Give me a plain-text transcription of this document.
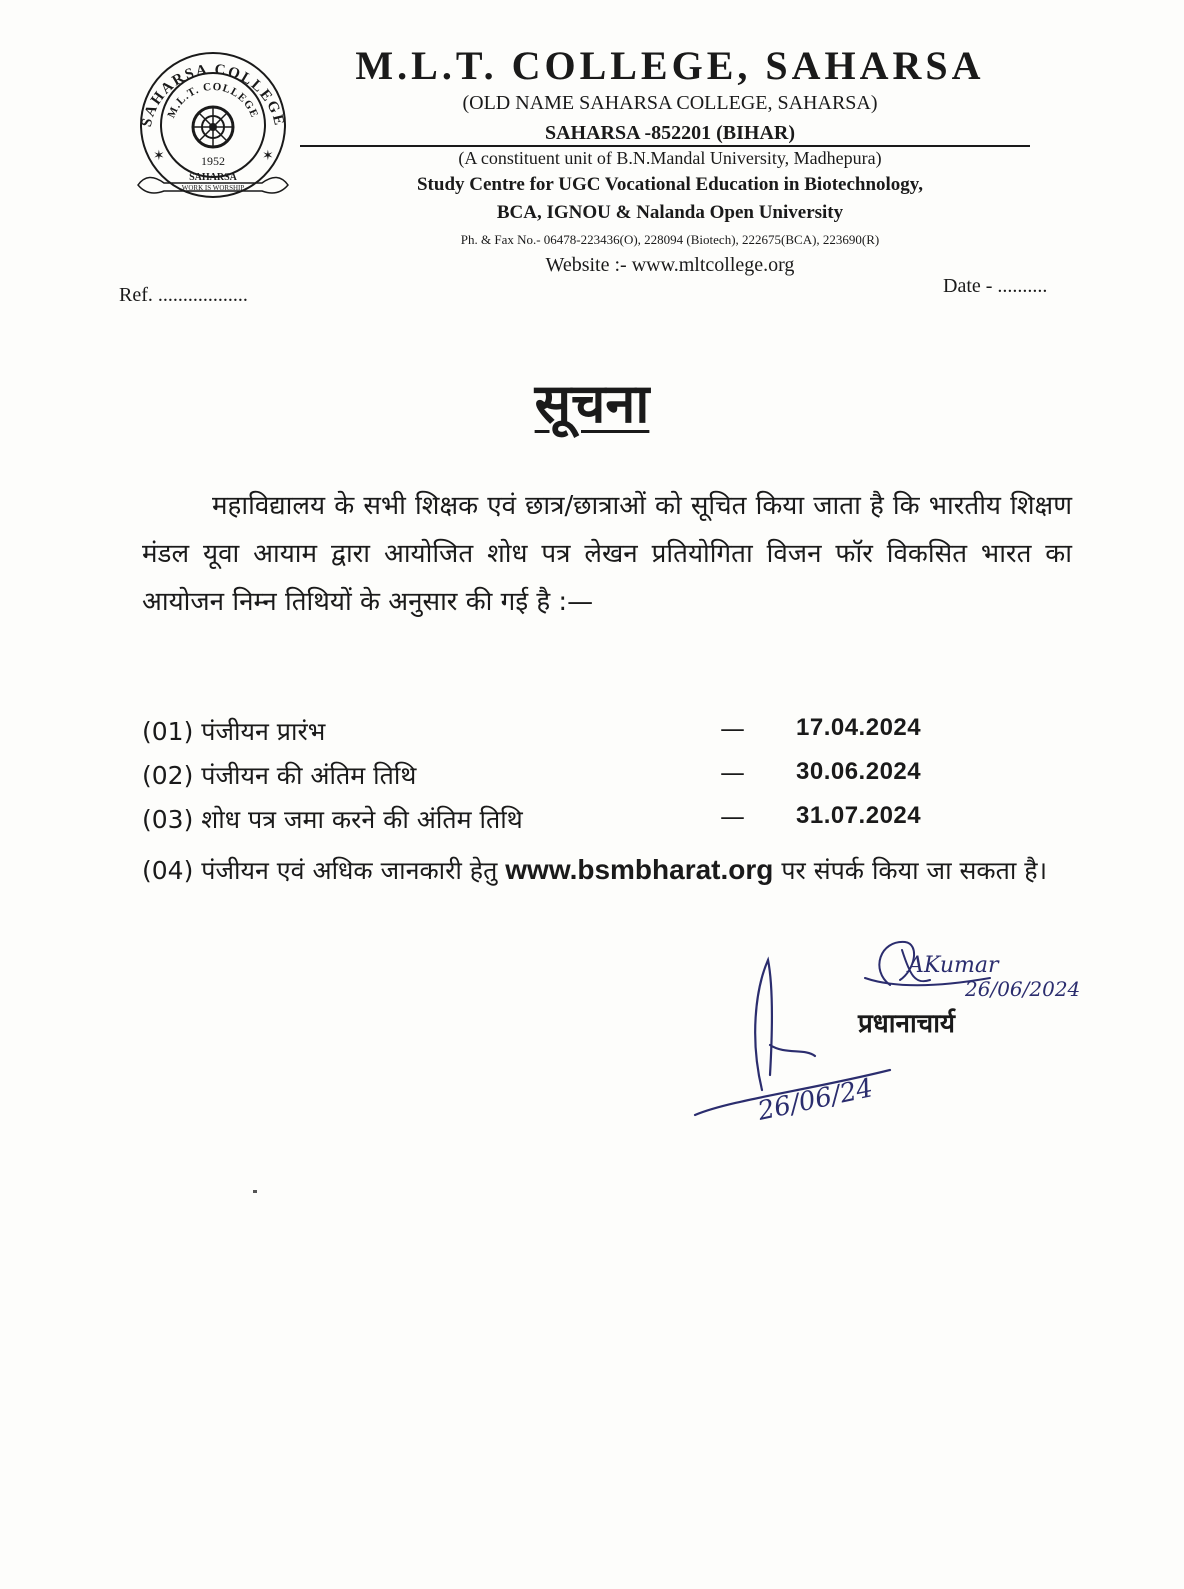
SAHARSA COLLEGE
M.L.T. COLLEGE
1952
✶	✶
SAHARSA
WORK IS WORSHIP
M.L.T. COLLEGE, SAHARSA
(OLD NAME SAHARSA COLLEGE, SAHARSA)
SAHARSA -852201 (BIHAR)
(A constituent unit of B.N.Mandal University, Madhepura)
Study Centre for UGC Vocational Education in Biotechnology,
BCA, IGNOU & Nalanda Open University
Ph. & Fax No.- 06478-223436(O), 228094 (Biotech), 222675(BCA), 223690(R)
Website :- www.mltcollege.org
Ref. ..................	Date - ..........
सूचना
महाविद्यालय के सभी शिक्षक एवं छात्र/छात्राओं को सूचित किया जाता है कि भारतीय शिक्षण मंडल यूवा आयाम द्वारा आयोजित शोध पत्र लेखन प्रतियोगिता विजन फॉर विकसित भारत का आयोजन निम्न तिथियों के अनुसार की गई है :—
(01) पंजीयन प्रारंभ	— 17.04.2024
(02) पंजीयन की अंतिम तिथि	— 30.06.2024
(03) शोध पत्र जमा करने की अंतिम तिथि	— 31.07.2024
(04) पंजीयन एवं अधिक जानकारी हेतु www.bsmbharat.org पर संपर्क किया जा सकता है।
AKumar
26/06/2024
प्रधानाचार्य
26/06/24
